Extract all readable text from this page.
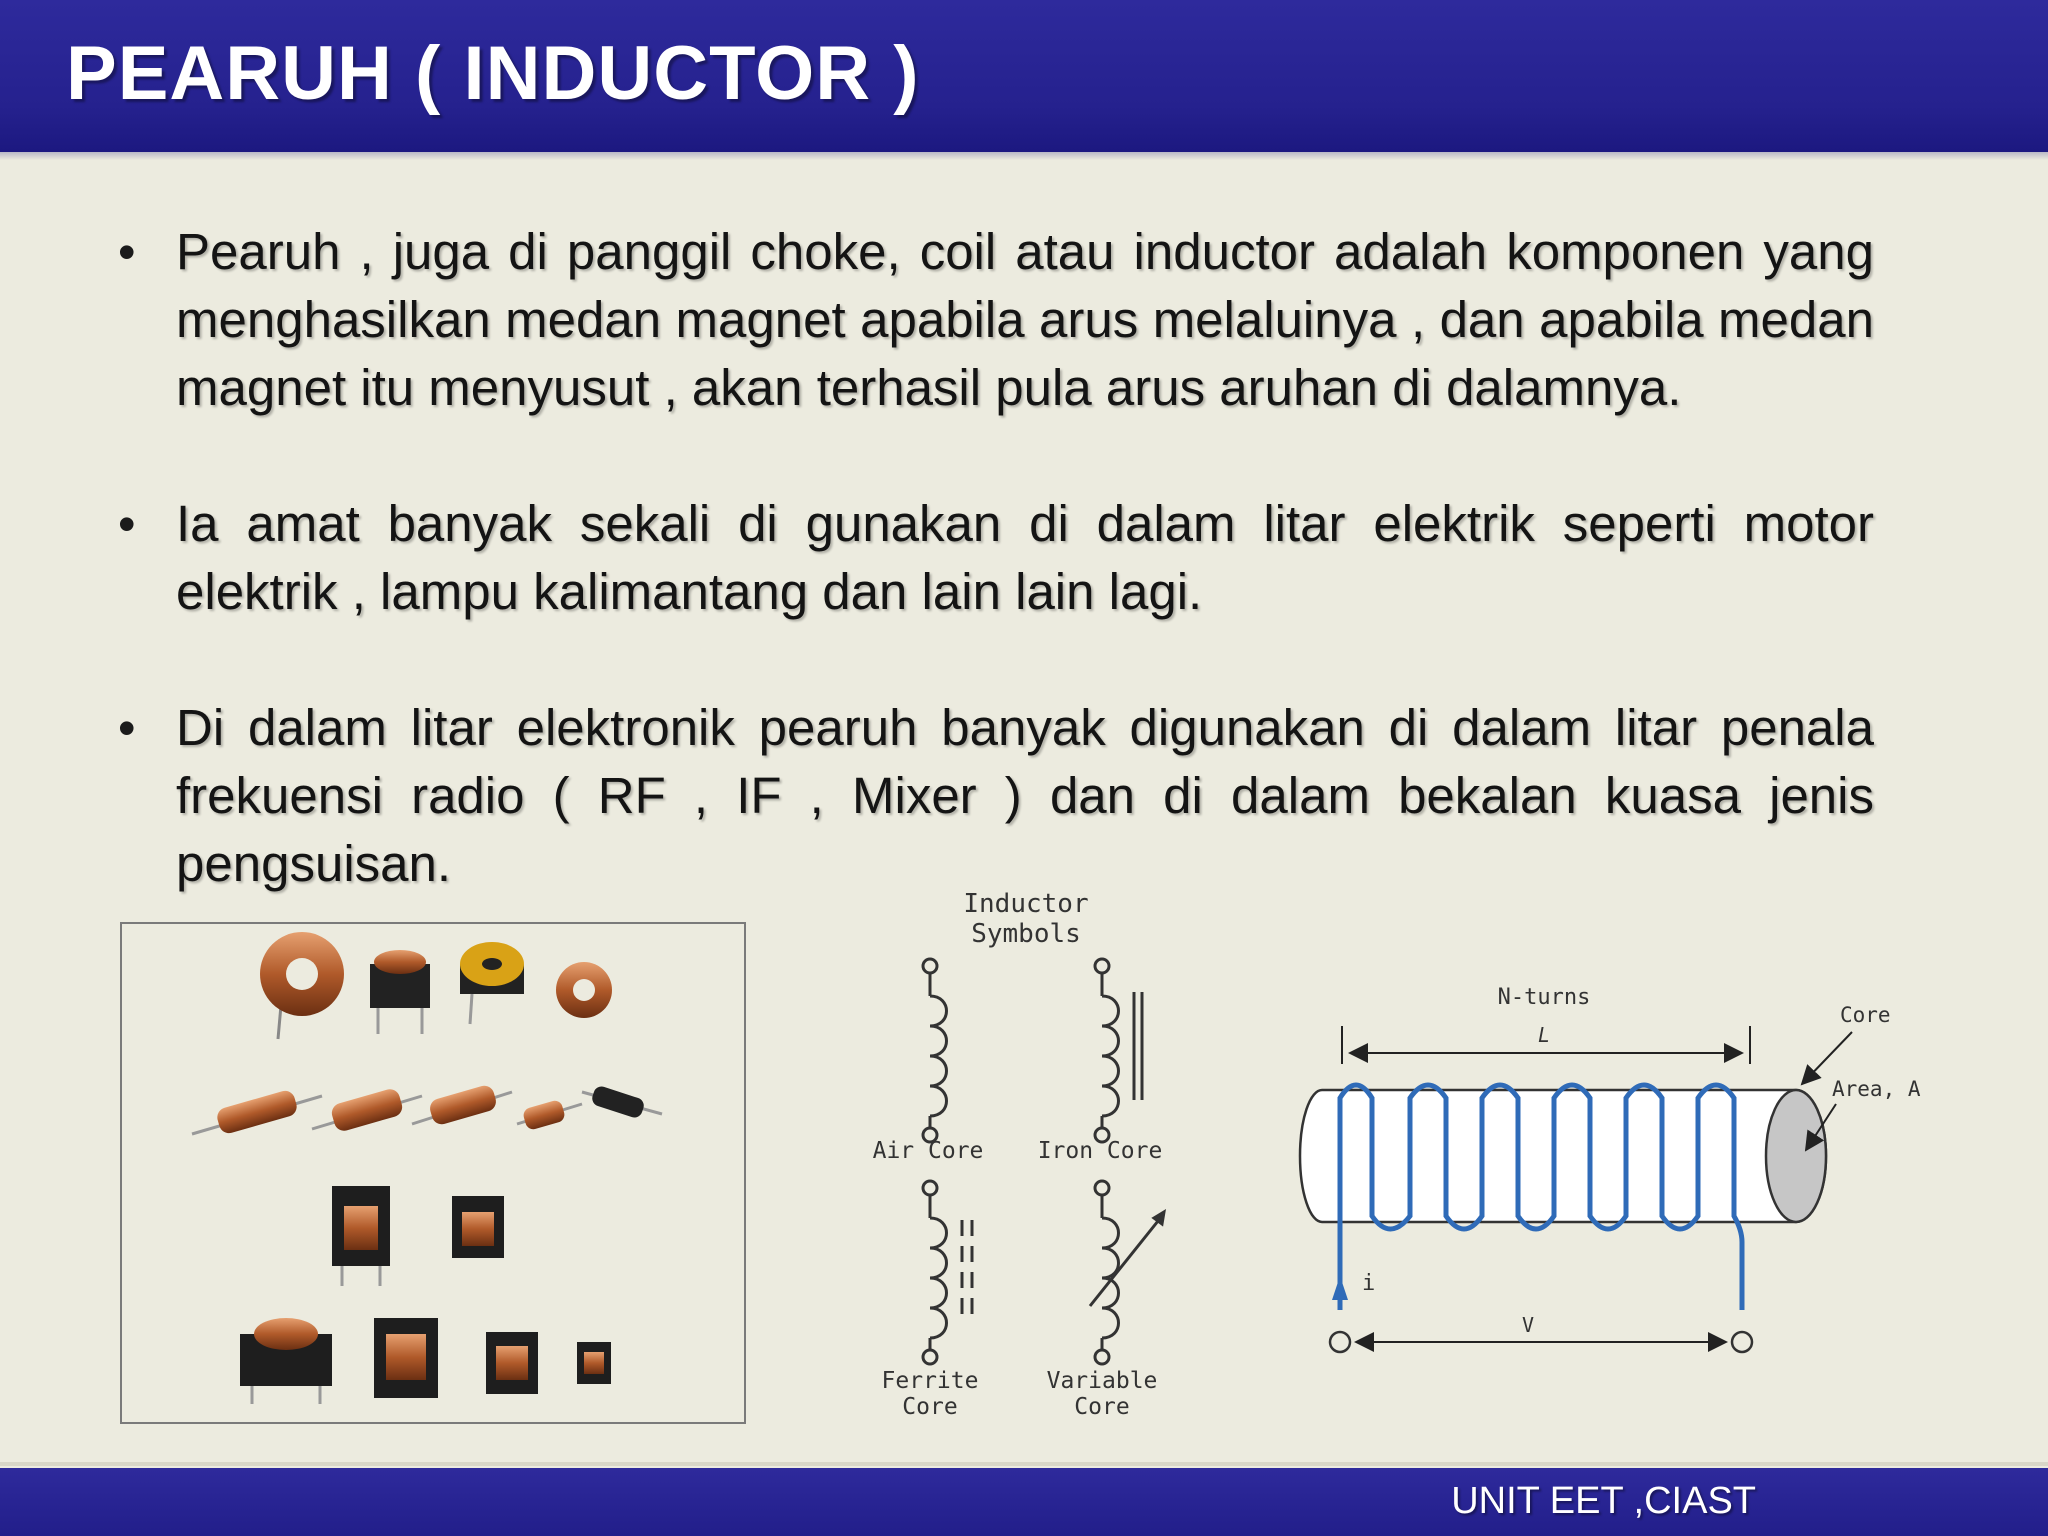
PEARUH ( INDUCTOR )
• Pearuh , juga di panggil choke, coil atau inductor adalah komponen yang menghasilkan medan magnet apabila arus melaluinya , dan apabila medan magnet itu menyusut , akan terhasil pula arus aruhan di dalamnya.
• Ia amat banyak sekali di gunakan di dalam litar elektrik seperti motor elektrik , lampu kalimantang dan lain lain lagi.
• Di dalam litar elektronik pearuh banyak digunakan di dalam litar penala frekuensi radio ( RF , IF , Mixer ) dan di dalam bekalan kuasa jenis pengsuisan.
Inductor
Symbols
Air Core Iron Core
Ferrite
Core
Variable
Core
N-turns
L
i
V
Core
Area, A
UNIT EET ,CIAST
